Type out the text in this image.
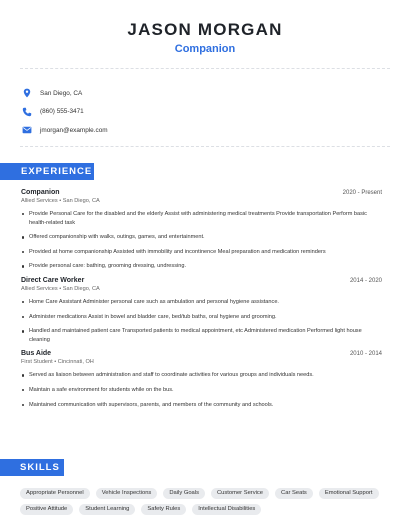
JASON MORGAN
Companion
San Diego, CA
(860) 555-3471
jmorgan@example.com
EXPERIENCE
Companion	2020 - Present
Allied Services • San Diego, CA
Provide Personal Care for the disabled and the elderly Assist with administering medical treatments Provide transportation Perform basic health-related task
Offered companionship with walks, outings, games, and entertainment.
Provided at home companionship Assisted with immobility and incontinence Meal preparation and medication reminders
Provide personal care: bathing, grooming dressing, undressing.
Direct Care Worker	2014 - 2020
Allied Services • San Diego, CA
Home Care Assistant Administer personal care such as ambulation and personal hygiene assistance.
Administer medications Assist in bowel and bladder care, bed/tub baths, oral hygiene and grooming.
Handled and maintained patient care Transported patients to medical appointment, etc Administered medication Performed light house cleaning
Bus Aide	2010 - 2014
First Student • Cincinnati, OH
Served as liaison between administration and staff to coordinate activities for various groups and individuals needs.
Maintain a safe environment for students while on the bus.
Maintained communication with supervisors, parents, and members of the community and schools.
SKILLS
Appropriate Personnel	Vehicle Inspections	Daily Goals	Customer Service	Car Seats	Emotional Support
Positive Attitude	Student Learning	Safety Rules	Intellectual Disabilities
